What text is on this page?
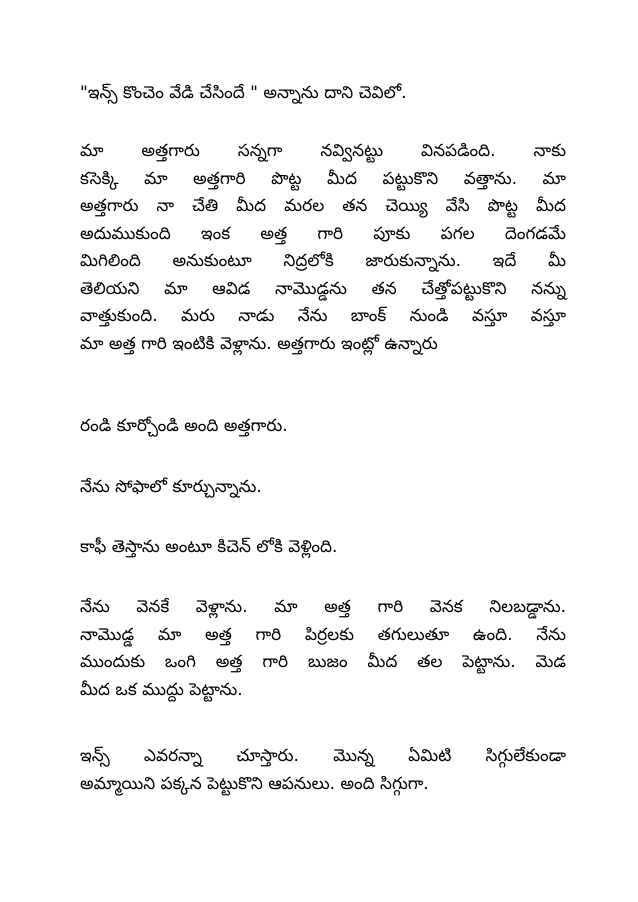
"ఇన్స్ కొంచెం వేడి చేసిందే " అన్నాను దాని చెవిలో.
మా అత్తగారు సన్నగా నవ్వినట్టు వినపడింది. నాకు
కసెక్కి మా అత్తగారి పొట్ట మీద పట్టుకొని వత్తాను. మా
అత్తగారు నా చేతి మీద మరల తన చెయ్యి వేసి పొట్ట మీద
అదుముకుంది ఇంక అత్త గారి పూకు పగల దెంగడమే
మిగిలింది అనుకుంటూ నిద్రలోకి జారుకున్నాను. ఇదే మీ
తెలియని మా ఆవిడ నామొడ్డను తన చేత్తోపట్టుకొని నన్ను
వాత్తుకుంది. మరు నాడు నేను బాంక్ నుండి వస్తూ వస్తూ
మా అత్త గారి ఇంటికి వెళ్లాను. అత్తగారు ఇంట్లో ఉన్నారు
రండి కూర్చోండి అంది అత్తగారు.
నేను సోఫాలో కూర్చున్నాను.
కాఫీ తెస్తాను అంటూ కిచెన్ లోకి వెళ్లింది.
నేను వెనకే వెళ్లాను. మా అత్త గారి వెనక నిలబడ్డాను.
నామొడ్డ మా అత్త గారి పిర్రలకు తగులుతూ ఉంది. నేను
ముందుకు ఒంగి అత్త గారి బుజం మీద తల పెట్టాను. మెడ
మీద ఒక ముద్దు పెట్టాను.
ఇన్స్ ఎవరన్నా చూస్తారు. మొన్న ఏమిటి సిగ్గులేకుండా
అమ్మాయిని పక్కన పెట్టుకొని ఆపనులు. అంది సిగ్గుగా.
